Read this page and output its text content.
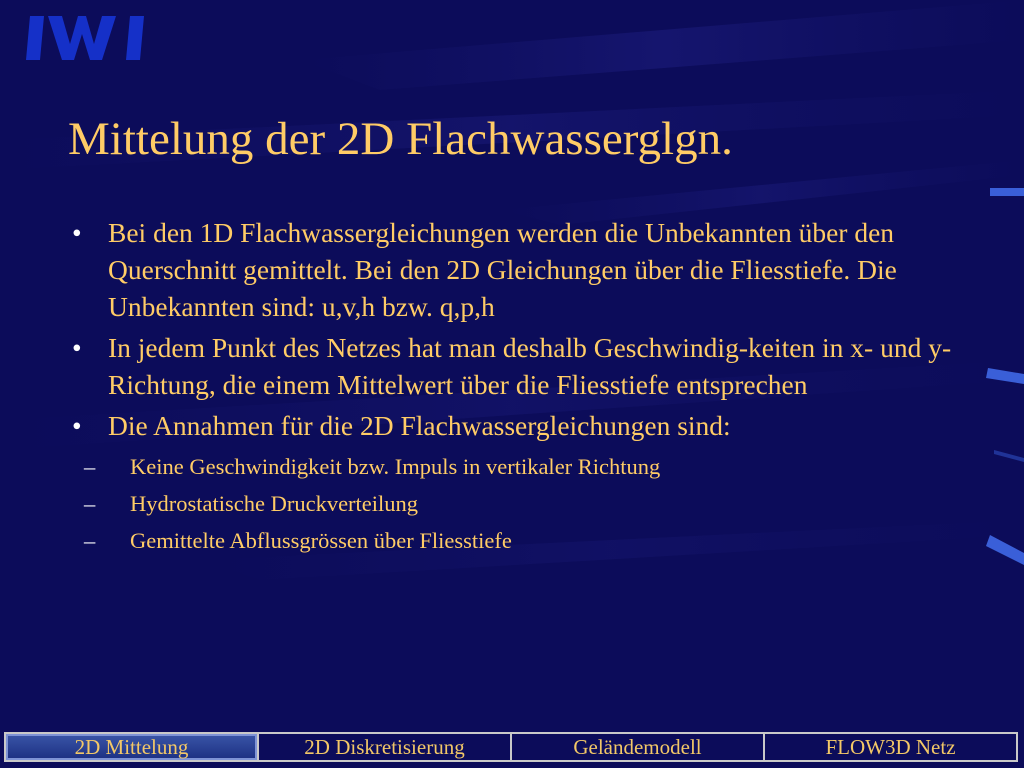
Mittelung der 2D Flachwasserglgn.
• Bei den 1D Flachwassergleichungen werden die Unbekannten über den Querschnitt gemittelt. Bei den 2D Gleichungen über die Fliesstiefe. Die Unbekannten sind: u,v,h bzw. q,p,h
• In jedem Punkt des Netzes hat man deshalb Geschwindig-keiten in x- und y-Richtung, die einem Mittelwert über die Fliesstiefe entsprechen
• Die Annahmen für die 2D Flachwassergleichungen sind:
– Keine Geschwindigkeit bzw. Impuls in vertikaler Richtung
– Hydrostatische Druckverteilung
– Gemittelte Abflussgrössen über Fliesstiefe
2D Mittelung	2D Diskretisierung	Geländemodell	FLOW3D Netz
